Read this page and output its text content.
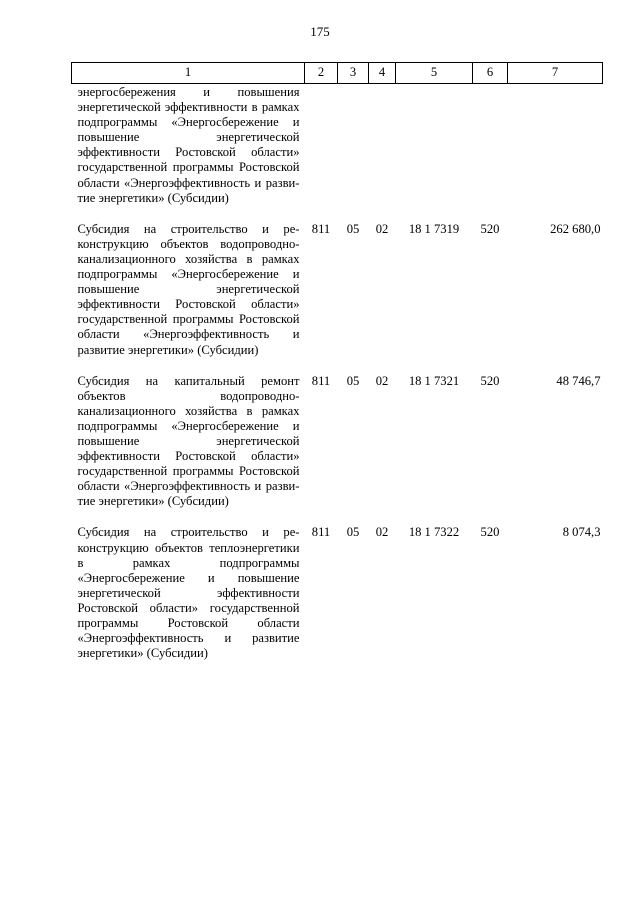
175
1	2	3	4	5	6	7
энергосбережения и повышения энергетической эффективности в рамках подпрограммы «Энергосбережение и повышение энергетической эффективности Ростовской области» государственной программы Ростовской области «Энергоэффективность и развитие энергетики» (Субсидии)						
Субсидия на строительство и реконструкцию объектов водопроводно-канализационного хозяйства в рамках подпрограммы «Энергосбережение и повышение энергетической эффективности Ростовской области» государственной программы Ростовской области «Энергоэффективность и развитие энергетики» (Субсидии)	811	05	02	18 1 7319	520	262 680,0
Субсидия на капитальный ремонт объектов водопроводно-канализационного хозяйства в рамках подпрограммы «Энергосбережение и повышение энергетической эффективности Ростовской области» государственной программы Ростовской области «Энергоэффективность и развитие энергетики» (Субсидии)	811	05	02	18 1 7321	520	48 746,7
Субсидия на строительство и реконструкцию объектов теплоэнергетики в рамках подпрограммы «Энергосбережение и повышение энергетической эффективности Ростовской области» государственной программы Ростовской области «Энергоэффективность и развитие энергетики» (Субсидии)	811	05	02	18 1 7322	520	8 074,3
